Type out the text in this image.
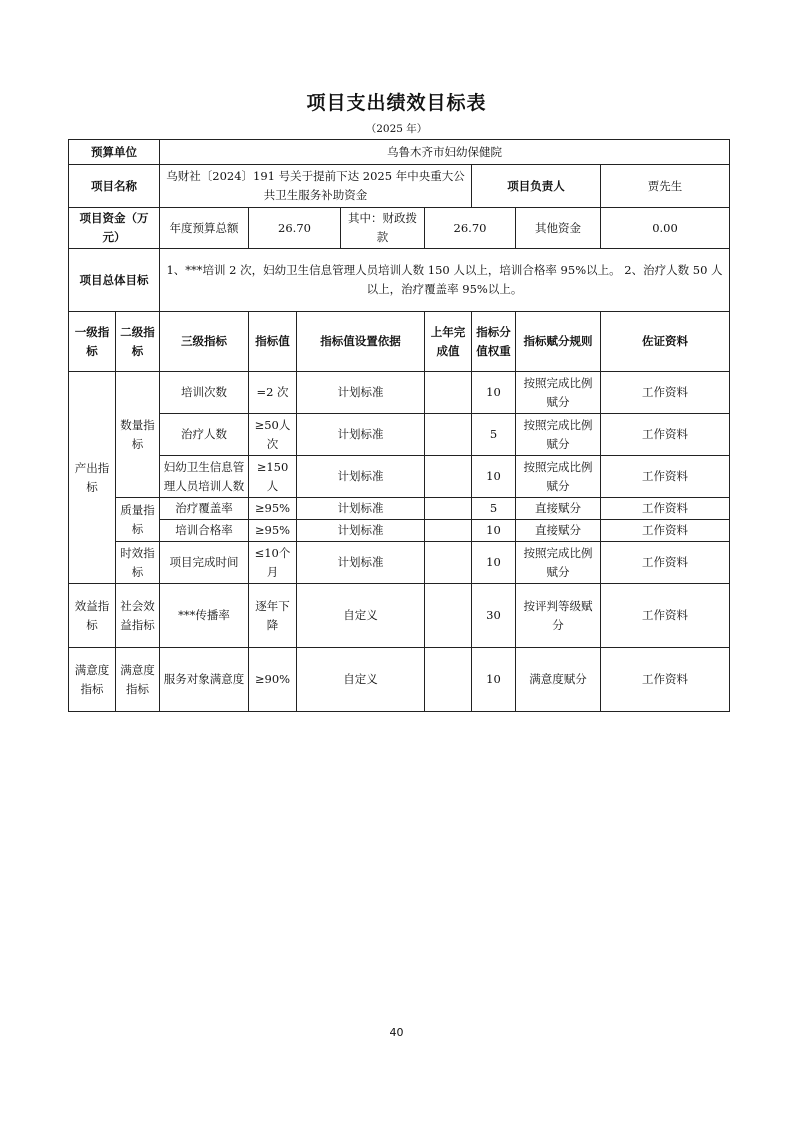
项目支出绩效目标表
（2025 年）
预算单位		乌鲁木齐市妇幼保健院							
项目名称		乌财社〔2024〕191 号关于提前下达 2025 年中央重大公共卫生服务补助资金					项目负责人		贾先生
项目资金（万元）		年度预算总额	26.70		其中：财政拨款	26.70		其他资金	0.00
项目总体目标		1、***培训 2 次，妇幼卫生信息管理人员培训人数 150 人以上，培训合格率 95%以上。 2、治疗人数 50 人以上，治疗覆盖率 95%以上。							
一级指标	二级指标	三级指标	指标值	指标值设置依据		上年完成值	指标分值权重	指标赋分规则	佐证资料
产出指标	数量指标	培训次数	=2 次	计划标准			10	按照完成比例赋分	工作资料
		治疗人数	≥50人次	计划标准			5	按照完成比例赋分	工作资料
		妇幼卫生信息管理人员培训人数	≥150人	计划标准			10	按照完成比例赋分	工作资料
	质量指标	治疗覆盖率	≥95%	计划标准			5	直接赋分	工作资料
		培训合格率	≥95%	计划标准			10	直接赋分	工作资料
	时效指标	项目完成时间	≤10个月	计划标准			10	按照完成比例赋分	工作资料
效益指标	社会效益指标	***传播率	逐年下降	自定义			30	按评判等级赋分	工作资料
满意度指标	满意度指标	服务对象满意度	≥90%	自定义			10	满意度赋分	工作资料
40
